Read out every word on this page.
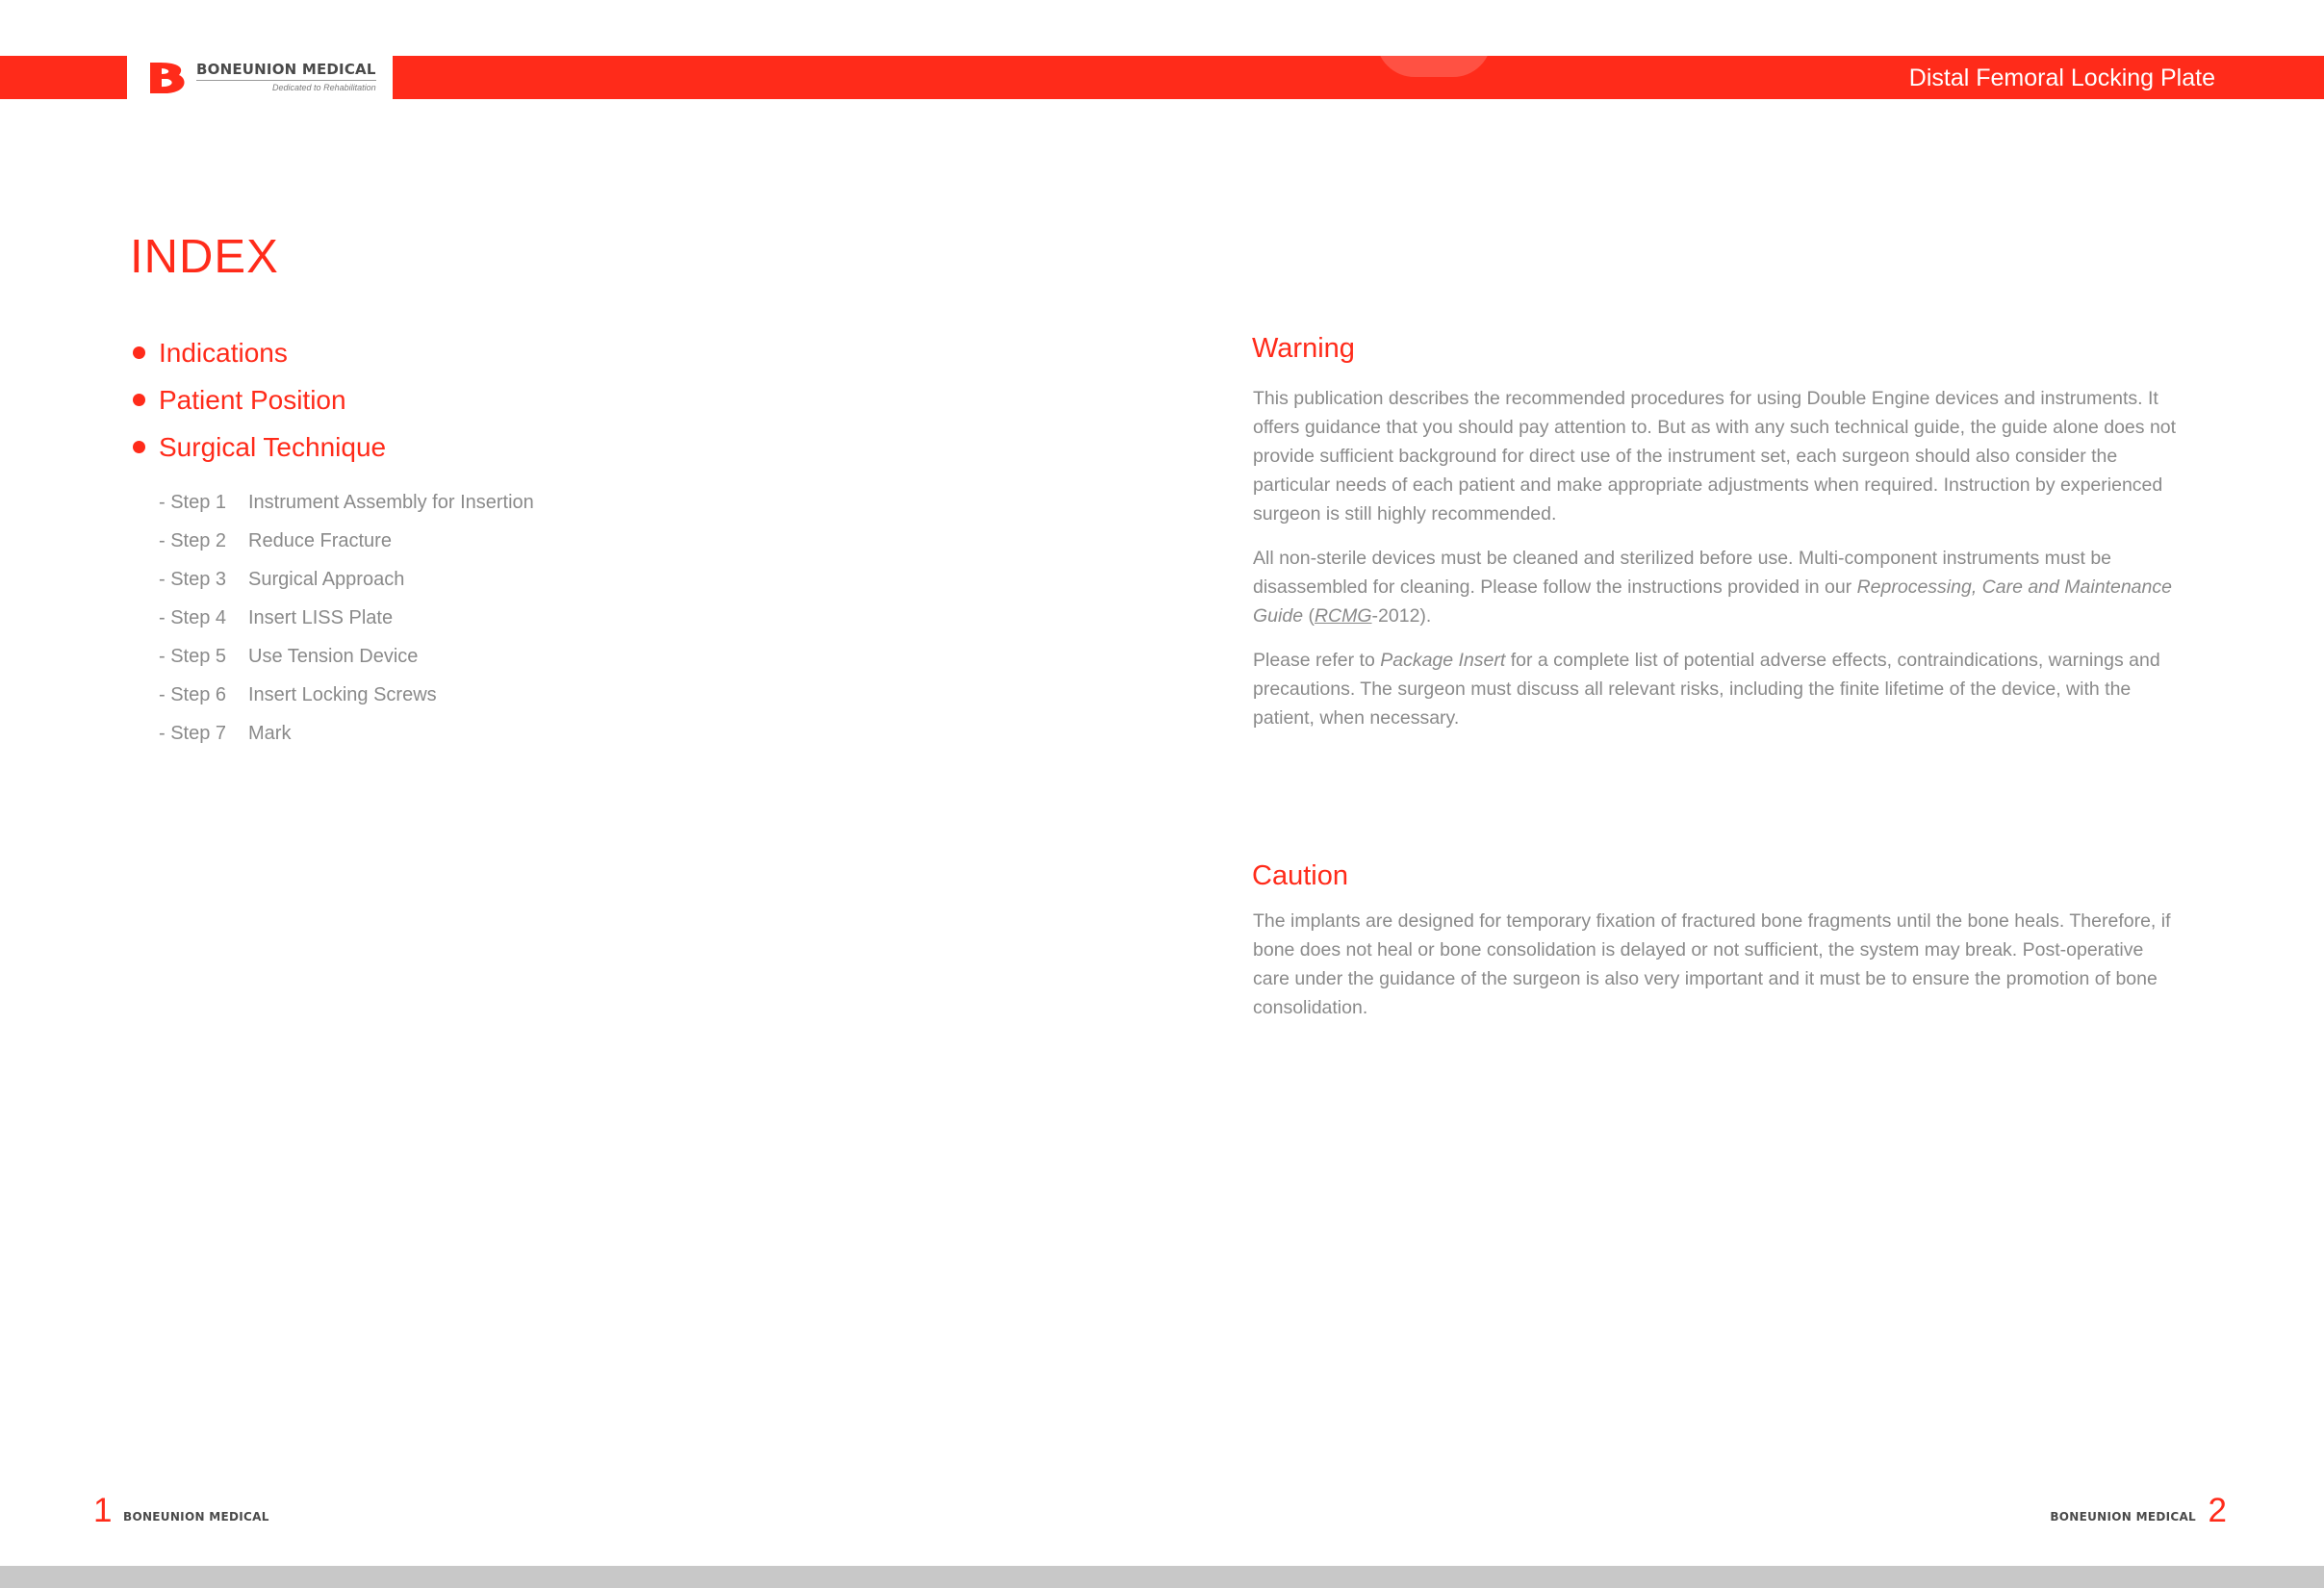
BONEUNION MEDICAL
Dedicated to Rehabilitation	Distal Femoral Locking Plate
INDEX
Indications
Patient Position
Surgical Technique
- Step 1	Instrument Assembly for Insertion
- Step 2	Reduce Fracture
- Step 3	Surgical Approach
- Step 4	Insert LISS Plate
- Step 5	Use Tension Device
- Step 6	Insert Locking Screws
- Step 7	Mark
Warning

This publication describes the recommended procedures for using Double Engine devices and instruments. It offers guidance that you should pay attention to. But as with any such technical guide, the guide alone does not provide sufficient background for direct use of the instrument set, each surgeon should also consider the particular needs of each patient and make appropriate adjustments when required. Instruction by experienced surgeon is still highly recommended.

All non-sterile devices must be cleaned and sterilized before use. Multi-component instruments must be disassembled for cleaning. Please follow the instructions provided in our Reprocessing, Care and Maintenance Guide (RCMG-2012).

Please refer to Package Insert for a complete list of potential adverse effects, contraindications, warnings and precautions. The surgeon must discuss all relevant risks, including the finite lifetime of the device, with the patient, when necessary.

Caution

The implants are designed for temporary fixation of fractured bone fragments until the bone heals. Therefore, if bone does not heal or bone consolidation is delayed or not sufficient, the system may break. Post-operative care under the guidance of the surgeon is also very important and it must be to ensure the promotion of bone consolidation.

1 BONEUNION MEDICAL	BONEUNION MEDICAL 2
